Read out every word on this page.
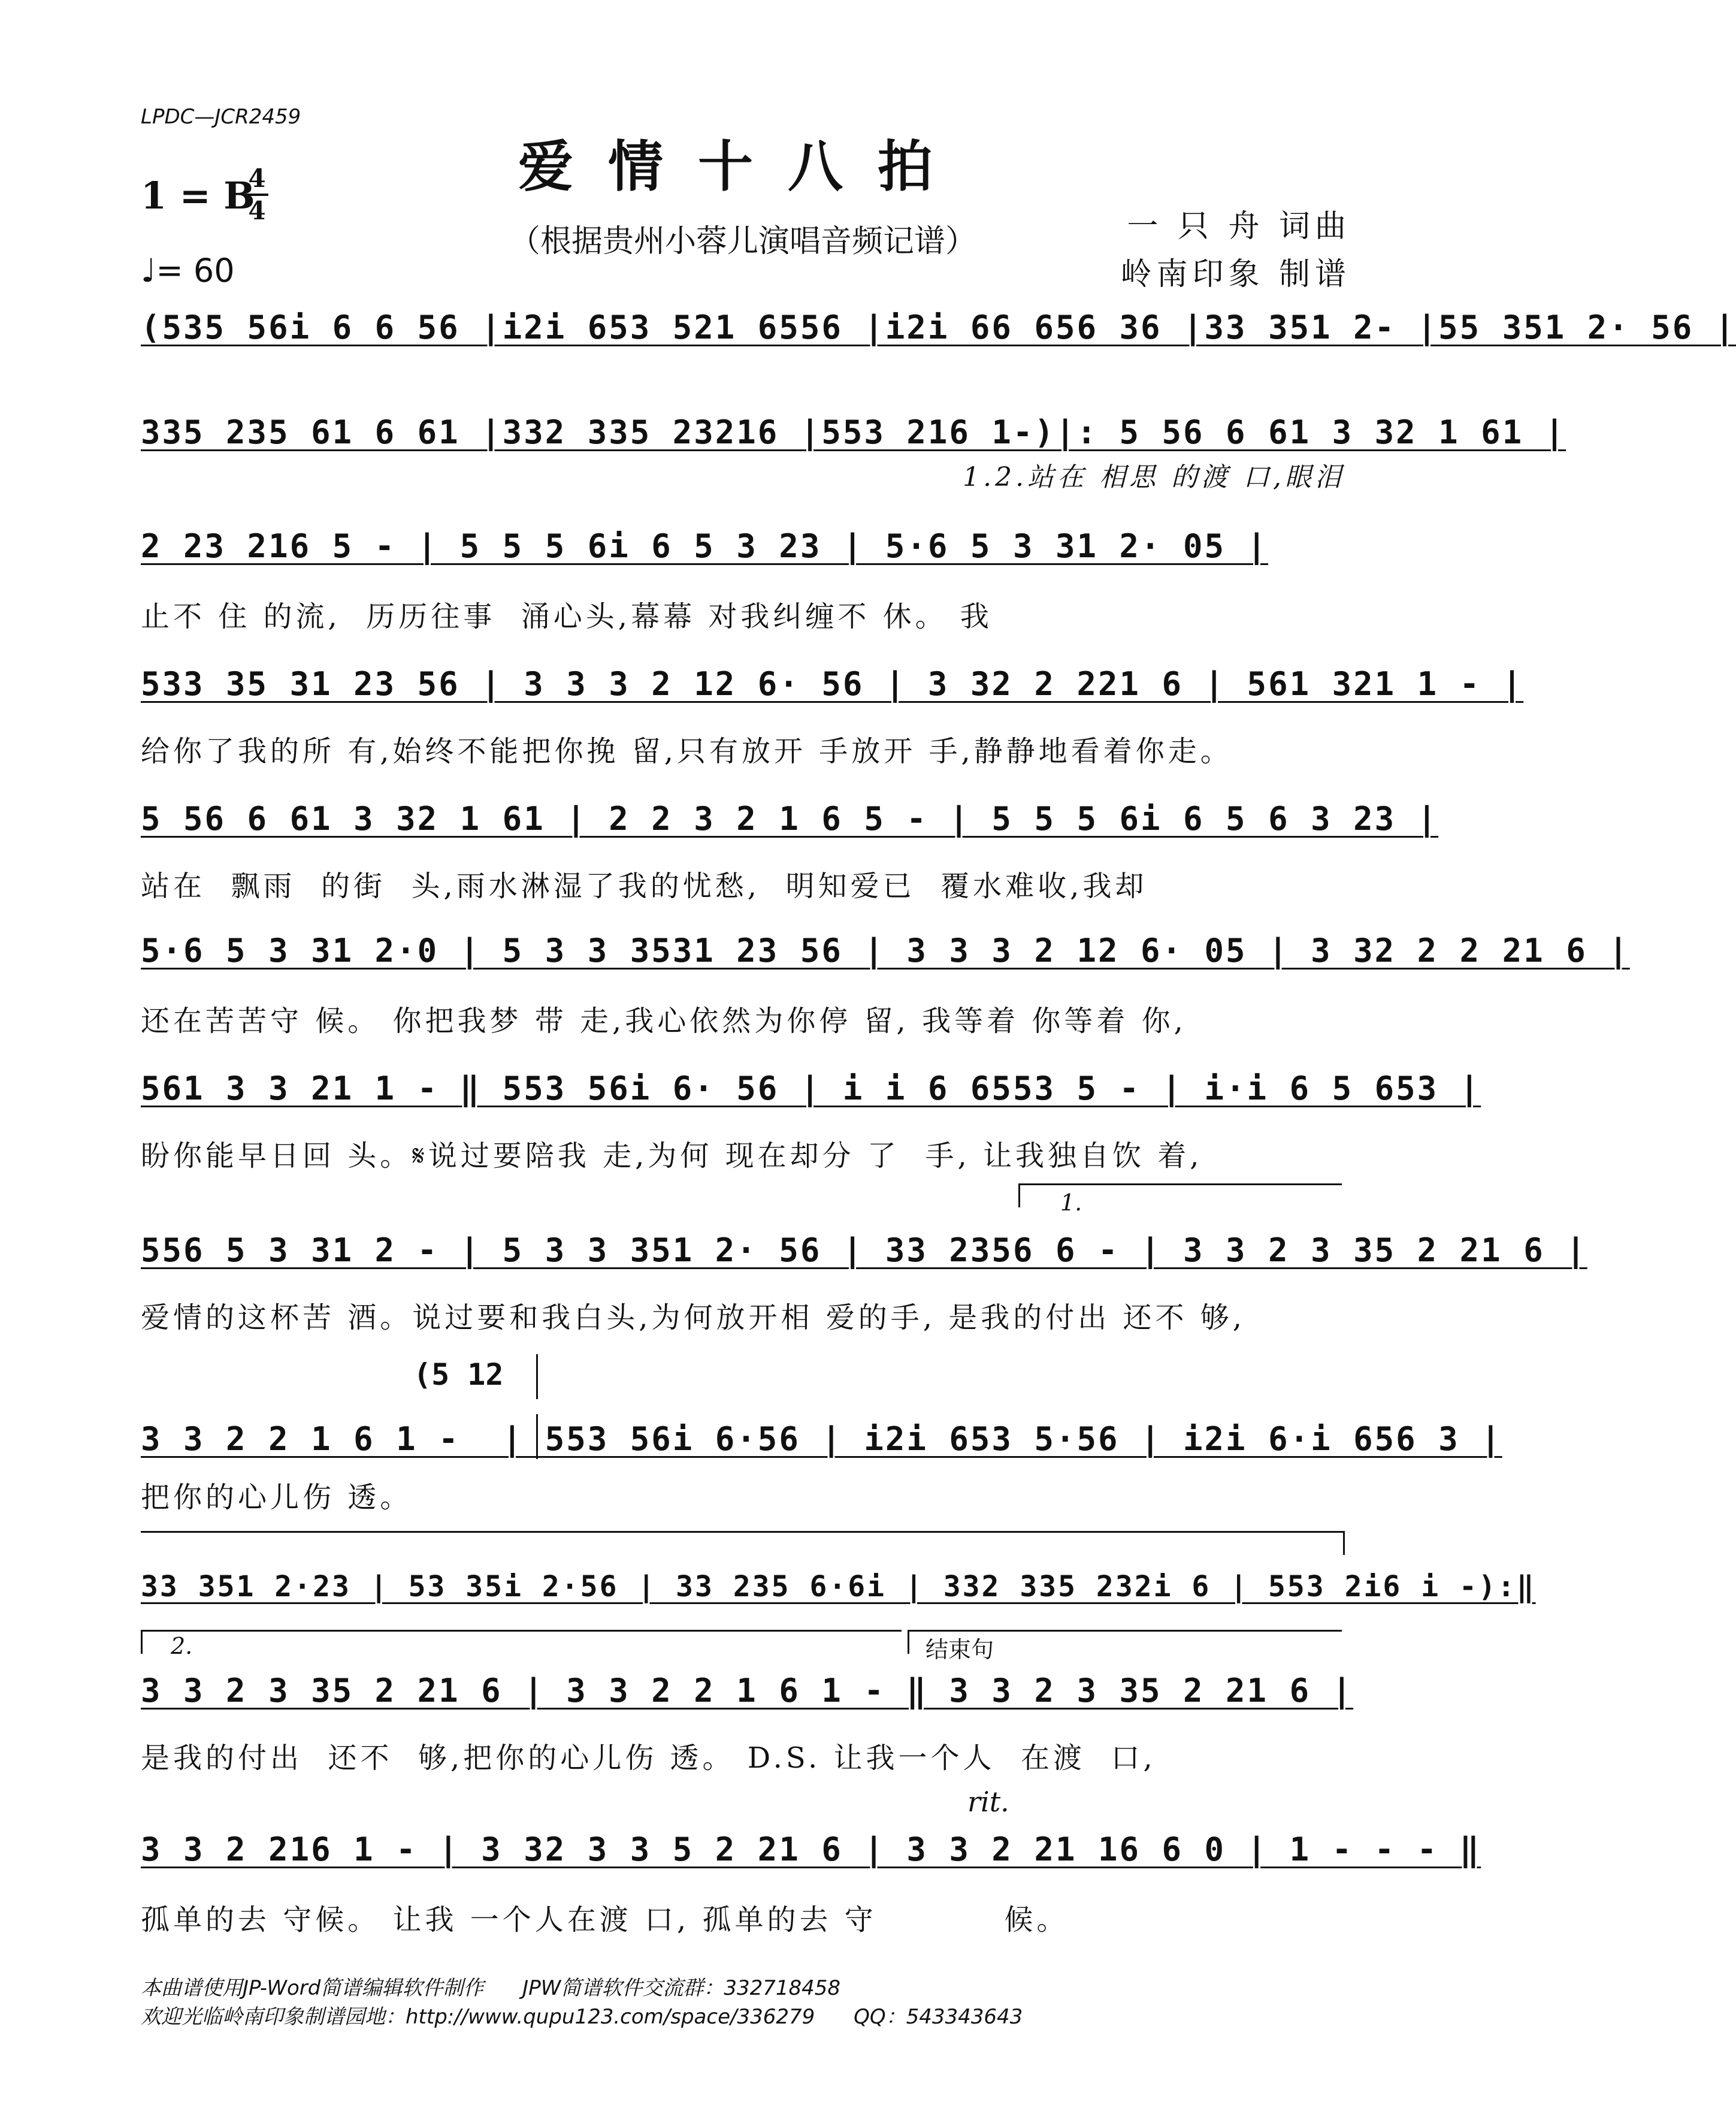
LPDC—JCR2459
爱情十八拍
1 = B
4
4
♩= 60
（根据贵州小蓉儿演唱音频记谱）	一 只 舟 词曲
岭南印象 制谱
(535 56i 6 6 56 |i2i 653 521 6556 |i2i 66 656 36 |33 351 2- |55 351 2· 56 |
335 235 61 6 61 |332 335 23216 |553 216 1-)|: 5 56 6 61 3 32 1 61 |
1.2.站在 相思 的渡 口,眼泪
2 23 216 5 - | 5 5 5 6i 6 5 3 23 | 5·6 5 3 31 2· 05 |
止不 住 的流,  历历往事  涌心头,幕幕 对我纠缠不 休。 我
533 35 31 23 56 | 3 3 3 2 12 6· 56 | 3 32 2 221 6 | 561 321 1 - |
给你了我的所 有,始终不能把你挽 留,只有放开 手放开 手,静静地看着你走。
5 56 6 61 3 32 1 61 | 2 2 3 2 1 6 5 - | 5 5 5 6i 6 5 6 3 23 |
站在  飘雨  的街  头,雨水淋湿了我的忧愁,  明知爱已  覆水难收,我却
5·6 5 3 31 2·0 | 5 3 3 3531 23 56 | 3 3 3 2 12 6· 05 | 3 32 2 2 21 6 |
还在苦苦守 候。 你把我梦 带 走,我心依然为你停 留, 我等着 你等着 你,
561 3 3 21 1 - ‖ 553 56i 6· 56 | i i 6 6553 5 - | i·i 6 5 653 |
盼你能早日回 头。𝄋说过要陪我 走,为何 现在却分 了  手, 让我独自饮 着,
1.
556 5 3 31 2 - | 5 3 3 351 2· 56 | 33 2356 6 - | 3 3 2 3 35 2 21 6 |
爱情的这杯苦 酒。说过要和我白头,为何放开相 爱的手, 是我的付出 还不 够,
(5 12
3 3 2 2 1 6 1 -  | 553 56i 6·56 | i2i 653 5·56 | i2i 6·i 656 3 |
把你的心儿伤 透。
33 351 2·23 | 53 35i 2·56 | 33 235 6·6i | 332 335 232i 6 | 553 2i6 i -):‖
2.	结束句
3 3 2 3 35 2 21 6 | 3 3 2 2 1 6 1 - ‖ 3 3 2 3 35 2 21 6 |
是我的付出  还不  够,把你的心儿伤 透。 D.S. 让我一个人  在渡  口,
rit.
3 3 2 216 1 - | 3 32 3 3 5 2 21 6 | 3 3 2 21 16 6 0 | 1 - - - ‖
孤单的去 守候。 让我 一个人在渡 口, 孤单的去 守          候。
本曲谱使用JP-Word简谱编辑软件制作      JPW简谱软件交流群：332718458
欢迎光临岭南印象制谱园地：http://www.qupu123.com/space/336279      QQ：543343643
